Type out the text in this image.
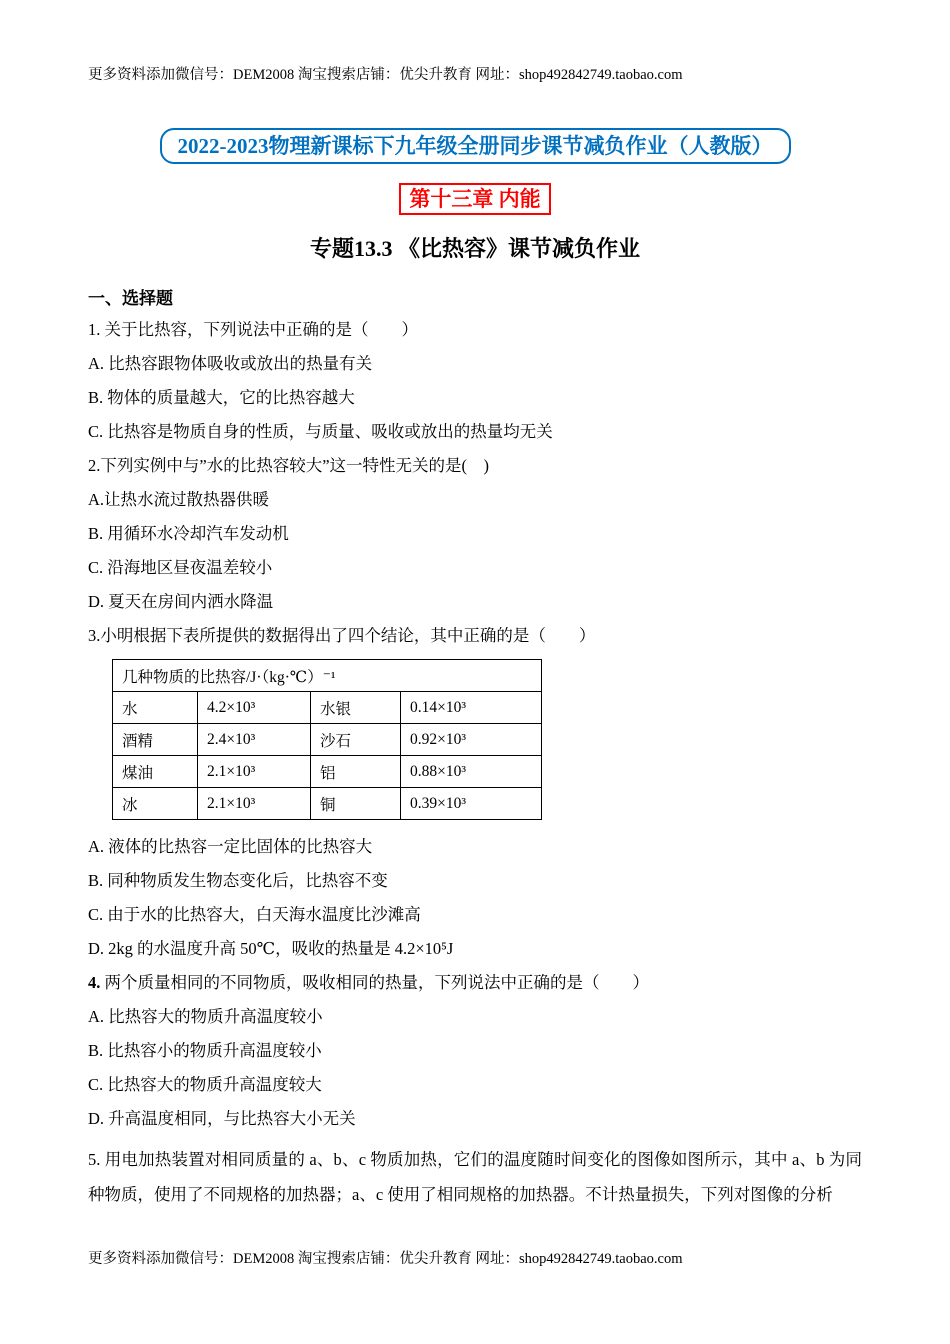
更多资料添加微信号：DEM2008 淘宝搜索店铺：优尖升教育 网址：shop492842749.taobao.com
2022-2023物理新课标下九年级全册同步课节减负作业（人教版）
第十三章 内能
专题13.3 《比热容》课节减负作业
一、选择题

1. 关于比热容，下列说法中正确的是（　　）

A. 比热容跟物体吸收或放出的热量有关

B. 物体的质量越大，它的比热容越大

C. 比热容是物质自身的性质，与质量、吸收或放出的热量均无关

2.下列实例中与”水的比热容较大”这一特性无关的是(　)

A.让热水流过散热器供暖

B. 用循环水冷却汽车发动机

C. 沿海地区昼夜温差较小

D. 夏天在房间内洒水降温

3.小明根据下表所提供的数据得出了四个结论，其中正确的是（　　）

几种物质的比热容/J·（kg·℃）⁻¹			
水	4.2×10³	水银	0.14×10³
酒精	2.4×10³	沙石	0.92×10³
煤油	2.1×10³	铝	0.88×10³
冰	2.1×10³	铜	0.39×10³

A. 液体的比热容一定比固体的比热容大

B. 同种物质发生物态变化后，比热容不变

C. 由于水的比热容大，白天海水温度比沙滩高

D. 2kg 的水温度升高 50℃，吸收的热量是 4.2×10⁵J

4. 两个质量相同的不同物质，吸收相同的热量，下列说法中正确的是（　　）

A. 比热容大的物质升高温度较小

B. 比热容小的物质升高温度较小

C. 比热容大的物质升高温度较大

D. 升高温度相同，与比热容大小无关

5. 用电加热装置对相同质量的 a、b、c 物质加热，它们的温度随时间变化的图像如图所示，其中 a、b 为同种物质，使用了不同规格的加热器；a、c 使用了相同规格的加热器。不计热量损失，下列对图像的分析

更多资料添加微信号：DEM2008 淘宝搜索店铺：优尖升教育 网址：shop492842749.taobao.com
